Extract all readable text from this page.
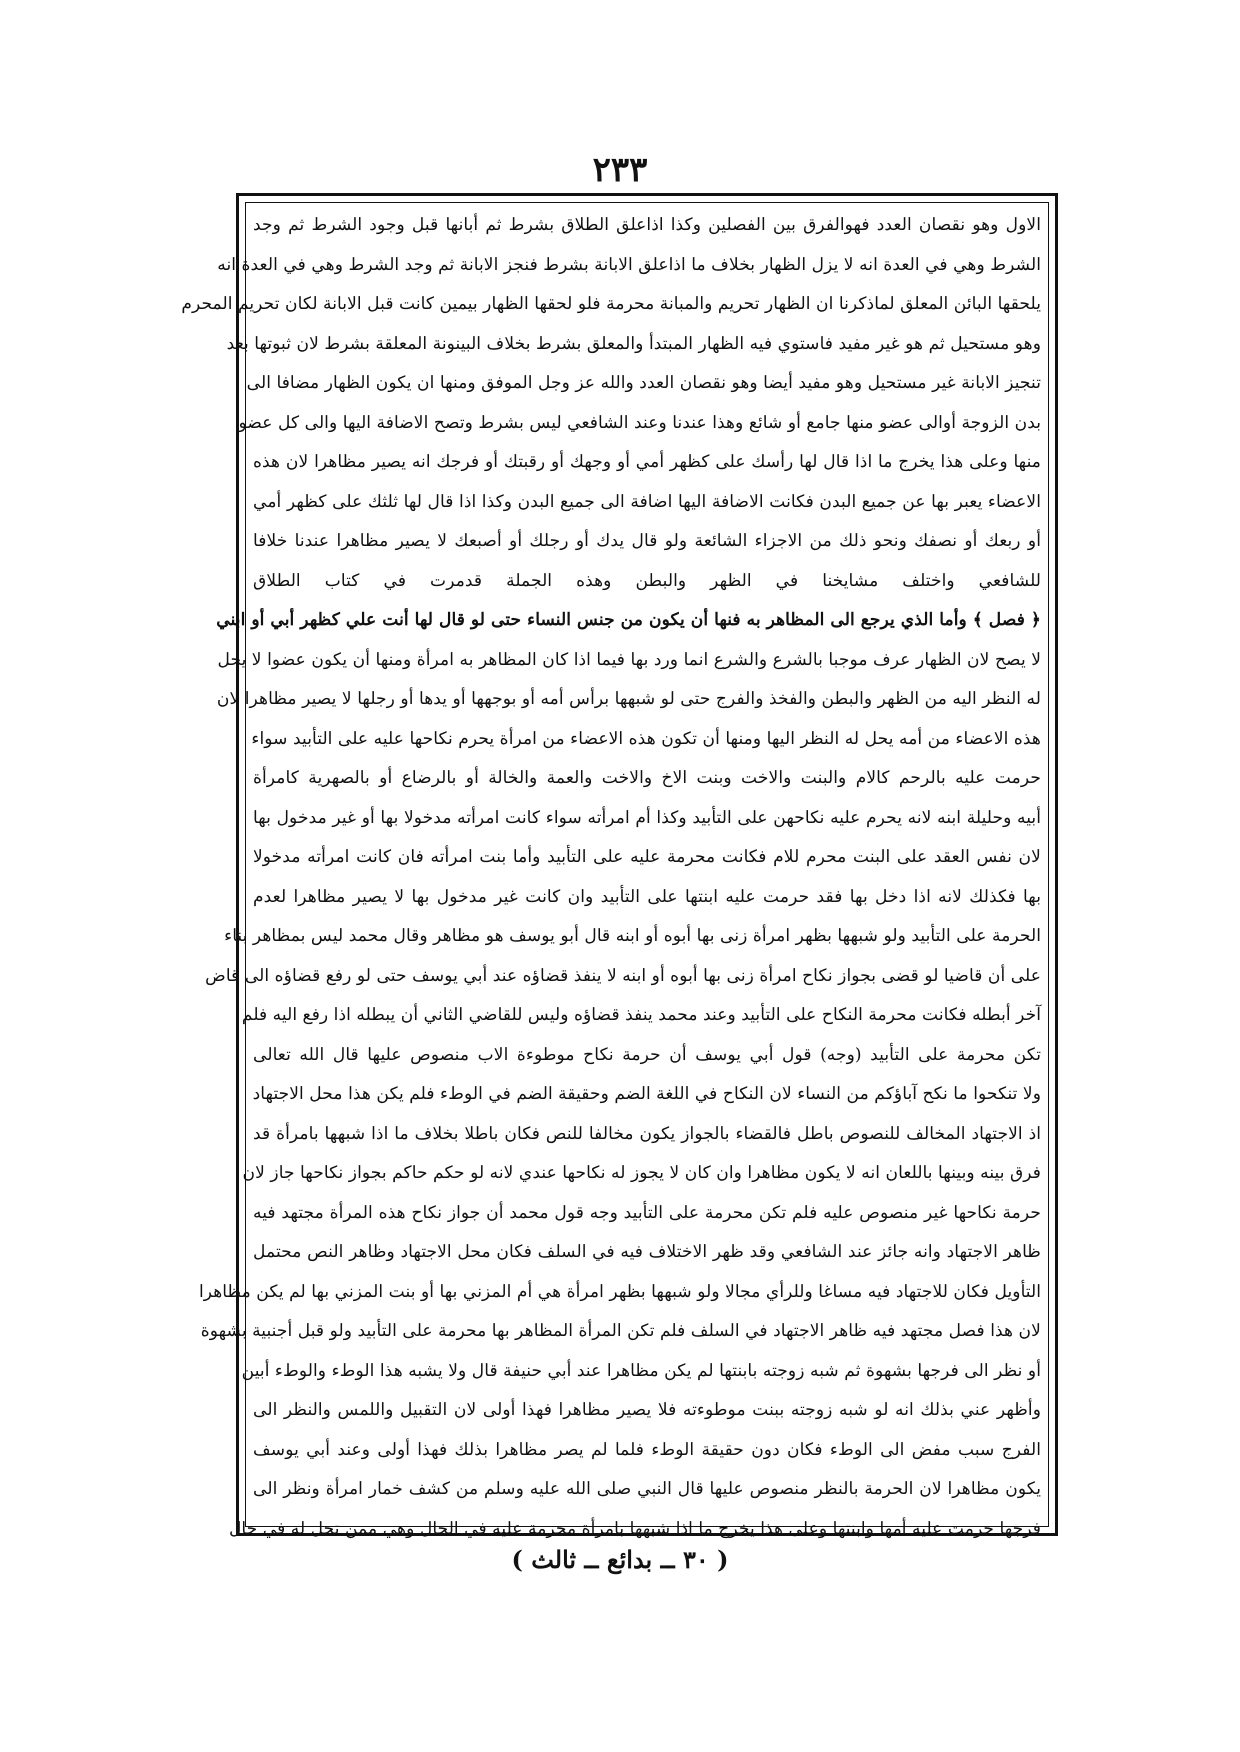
٢٣٣
الاول وهو نقصان العدد فهوالفرق بين الفصلين وكذا اذاعلق الطلاق بشرط ثم أبانها قبل وجود الشرط ثم وجد
الشرط وهي في العدة انه لا يزل الظهار بخلاف ما اذاعلق الابانة بشرط فنجز الابانة ثم وجد الشرط وهي في العدة انه
يلحقها البائن المعلق لماذكرنا ان الظهار تحريم والمبانة محرمة فلو لحقها الظهار بيمين كانت قبل الابانة لكان تحريم المحرم
وهو مستحيل ثم هو غير مفيد فاستوي فيه الظهار المبتدأ والمعلق بشرط بخلاف البينونة المعلقة بشرط لان ثبوتها بعد
تنجيز الابانة غير مستحيل وهو مفيد أيضا وهو نقصان العدد والله عز وجل الموفق ومنها ان يكون الظهار مضافا الى
بدن الزوجة أوالى عضو منها جامع أو شائع وهذا عندنا وعند الشافعي ليس بشرط وتصح الاضافة اليها والى كل عضو
منها وعلى هذا يخرج ما اذا قال لها رأسك على كظهر أمي أو وجهك أو رقبتك أو فرجك انه يصير مظاهرا لان هذه
الاعضاء يعبر بها عن جميع البدن فكانت الاضافة اليها اضافة الى جميع البدن وكذا اذا قال لها ثلثك على كظهر أمي
أو ربعك أو نصفك ونحو ذلك من الاجزاء الشائعة ولو قال يدك أو رجلك أو أصبعك لا يصير مظاهرا عندنا خلافا
للشافعي واختلف مشايخنا في الظهر والبطن وهذه الجملة قدمرت في كتاب الطلاق
﴿ فصل ﴾ وأما الذي يرجع الى المظاهر به فنها أن يكون من جنس النساء حتى لو قال لها أنت علي كظهر أبي أو ابني
لا يصح لان الظهار عرف موجبا بالشرع والشرع انما ورد بها فيما اذا كان المظاهر به امرأة ومنها أن يكون عضوا لا يحل
له النظر اليه من الظهر والبطن والفخذ والفرج حتى لو شبهها برأس أمه أو بوجهها أو يدها أو رجلها لا يصير مظاهرا لان
هذه الاعضاء من أمه يحل له النظر اليها ومنها أن تكون هذه الاعضاء من امرأة يحرم نكاحها عليه على التأبيد سواء
حرمت عليه بالرحم كالام والبنت والاخت وبنت الاخ والاخت والعمة والخالة أو بالرضاع أو بالصهرية كامرأة
أبيه وحليلة ابنه لانه يحرم عليه نكاحهن على التأبيد وكذا أم امرأته سواء كانت امرأته مدخولا بها أو غير مدخول بها
لان نفس العقد على البنت محرم للام فكانت محرمة عليه على التأبيد وأما بنت امرأته فان كانت امرأته مدخولا
بها فكذلك لانه اذا دخل بها فقد حرمت عليه ابنتها على التأبيد وان كانت غير مدخول بها لا يصير مظاهرا لعدم
الحرمة على التأبيد ولو شبهها بظهر امرأة زنى بها أبوه أو ابنه قال أبو يوسف هو مظاهر وقال محمد ليس بمظاهر بناء
على أن قاضيا لو قضى بجواز نكاح امرأة زنى بها أبوه أو ابنه لا ينفذ قضاؤه عند أبي يوسف حتى لو رفع قضاؤه الى قاض
آخر أبطله فكانت محرمة النكاح على التأبيد وعند محمد ينفذ قضاؤه وليس للقاضي الثاني أن يبطله اذا رفع اليه فلم
تكن محرمة على التأبيد (وجه) قول أبي يوسف أن حرمة نكاح موطوءة الاب منصوص عليها قال الله تعالى
ولا تنكحوا ما نكح آباؤكم من النساء لان النكاح في اللغة الضم وحقيقة الضم في الوطء فلم يكن هذا محل الاجتهاد
اذ الاجتهاد المخالف للنصوص باطل فالقضاء بالجواز يكون مخالفا للنص فكان باطلا بخلاف ما اذا شبهها بامرأة قد
فرق بينه وبينها باللعان انه لا يكون مظاهرا وان كان لا يجوز له نكاحها عندي لانه لو حكم حاكم بجواز نكاحها جاز لان
حرمة نكاحها غير منصوص عليه فلم تكن محرمة على التأبيد وجه قول محمد أن جواز نكاح هذه المرأة مجتهد فيه
ظاهر الاجتهاد وانه جائز عند الشافعي وقد ظهر الاختلاف فيه في السلف فكان محل الاجتهاد وظاهر النص محتمل
التأويل فكان للاجتهاد فيه مساغا وللرأي مجالا ولو شبهها بظهر امرأة هي أم المزني بها أو بنت المزني بها لم يكن مظاهرا
لان هذا فصل مجتهد فيه ظاهر الاجتهاد في السلف فلم تكن المرأة المظاهر بها محرمة على التأبيد ولو قبل أجنبية بشهوة
أو نظر الى فرجها بشهوة ثم شبه زوجته بابنتها لم يكن مظاهرا عند أبي حنيفة قال ولا يشبه هذا الوطء والوطء أبين
وأظهر عني بذلك انه لو شبه زوجته ببنت موطوءته فلا يصير مظاهرا فهذا أولى لان التقبيل واللمس والنظر الى
الفرج سبب مفض الى الوطء فكان دون حقيقة الوطء فلما لم يصر مظاهرا بذلك فهذا أولى وعند أبي يوسف
يكون مظاهرا لان الحرمة بالنظر منصوص عليها قال النبي صلى الله عليه وسلم من كشف خمار امرأة ونظر الى
فرجها حرمت عليه أمها وابنتها وعلى هذا يخرج ما اذا شبهها بامرأة محرمة عليه في الحال وهي ممن تحل له في حال
( ٣٠ ــ بدائع ــ ثالث )
